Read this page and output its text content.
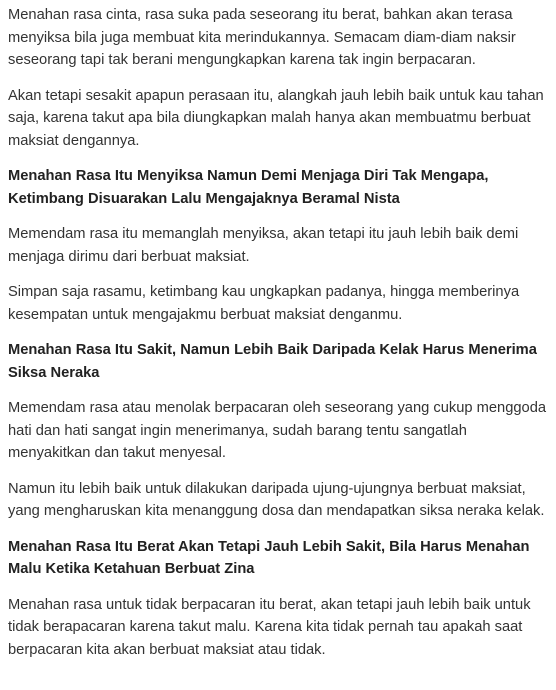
Menahan rasa cinta, rasa suka pada seseorang itu berat, bahkan akan terasa menyiksa bila juga membuat kita merindukannya. Semacam diam-diam naksir seseorang tapi tak berani mengungkapkan karena tak ingin berpacaran.

Akan tetapi sesakit apapun perasaan itu, alangkah jauh lebih baik untuk kau tahan saja, karena takut apa bila diungkapkan malah hanya akan membuatmu berbuat maksiat dengannya.

Menahan Rasa Itu Menyiksa Namun Demi Menjaga Diri Tak Mengapa, Ketimbang Disuarakan Lalu Mengajaknya Beramal Nista

Memendam rasa itu memanglah menyiksa, akan tetapi itu jauh lebih baik demi menjaga dirimu dari berbuat maksiat.

Simpan saja rasamu, ketimbang kau ungkapkan padanya, hingga memberinya kesempatan untuk mengajakmu berbuat maksiat denganmu.

Menahan Rasa Itu Sakit, Namun Lebih Baik Daripada Kelak Harus Menerima Siksa Neraka

Memendam rasa atau menolak berpacaran oleh seseorang yang cukup menggoda hati dan hati sangat ingin menerimanya, sudah barang tentu sangatlah menyakitkan dan takut menyesal.

Namun itu lebih baik untuk dilakukan daripada ujung-ujungnya berbuat maksiat, yang mengharuskan kita menanggung dosa dan mendapatkan siksa neraka kelak.

Menahan Rasa Itu Berat Akan Tetapi Jauh Lebih Sakit, Bila Harus Menahan Malu Ketika Ketahuan Berbuat Zina

Menahan rasa untuk tidak berpacaran itu berat, akan tetapi jauh lebih baik untuk tidak berapacaran karena takut malu. Karena kita tidak pernah tau apakah saat berpacaran kita akan berbuat maksiat atau tidak.
